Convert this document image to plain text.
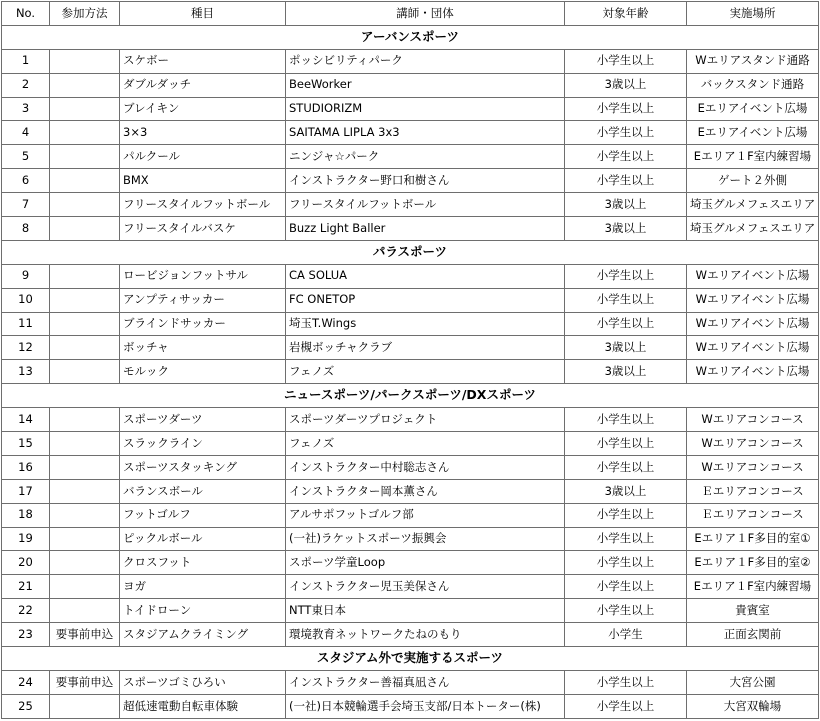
No.	参加方法	種目	講師・団体	対象年齢	実施場所
アーバンスポーツ					
1		スケボー	ポッシビリティパーク	小学生以上	Wエリアスタンド通路
2		ダブルダッチ	BeeWorker	3歳以上	バックスタンド通路
3		ブレイキン	STUDIORIZM	小学生以上	Eエリアイベント広場
4		3×3	SAITAMA LIPLA 3x3	小学生以上	Eエリアイベント広場
5		パルクール	ニンジャ☆パーク	小学生以上	Eエリア１F室内練習場
6		BMX	インストラクター野口和樹さん	小学生以上	ゲート２外側
7		フリースタイルフットボール	フリースタイルフットボール	3歳以上	埼玉グルメフェスエリア
8		フリースタイルバスケ	Buzz Light Baller	3歳以上	埼玉グルメフェスエリア
パラスポーツ					
9		ロービジョンフットサル	CA SOLUA	小学生以上	Wエリアイベント広場
10		アンプティサッカー	FC ONETOP	小学生以上	Wエリアイベント広場
11		ブラインドサッカー	埼玉T.Wings	小学生以上	Wエリアイベント広場
12		ボッチャ	岩槻ボッチャクラブ	3歳以上	Wエリアイベント広場
13		モルック	フェノズ	3歳以上	Wエリアイベント広場
ニュースポーツ/パークスポーツ/DXスポーツ					
14		スポーツダーツ	スポーツダーツプロジェクト	小学生以上	Wエリアコンコース
15		スラックライン	フェノズ	小学生以上	Wエリアコンコース
16		スポーツスタッキング	インストラクター中村聡志さん	小学生以上	Wエリアコンコース
17		バランスボール	インストラクター岡本薫さん	3歳以上	Ｅエリアコンコース
18		フットゴルフ	アルサポフットゴルフ部	小学生以上	Ｅエリアコンコース
19		ピックルボール	(一社)ラケットスポーツ振興会	小学生以上	Eエリア１F多目的室①
20		クロスフット	スポーツ学童Loop	小学生以上	Eエリア１F多目的室②
21		ヨガ	インストラクター児玉美保さん	小学生以上	Eエリア１F室内練習場
22		トイドローン	NTT東日本	小学生以上	貴賓室
23	要事前申込	スタジアムクライミング	環境教育ネットワークたねのもり	小学生	正面玄関前
スタジアム外で実施するスポーツ					
24	要事前申込	スポーツゴミひろい	インストラクター善福真凪さん	小学生以上	大宮公園
25		超低速電動自転車体験	(一社)日本競輪選手会埼玉支部/日本トーター(株)	小学生以上	大宮双輪場
